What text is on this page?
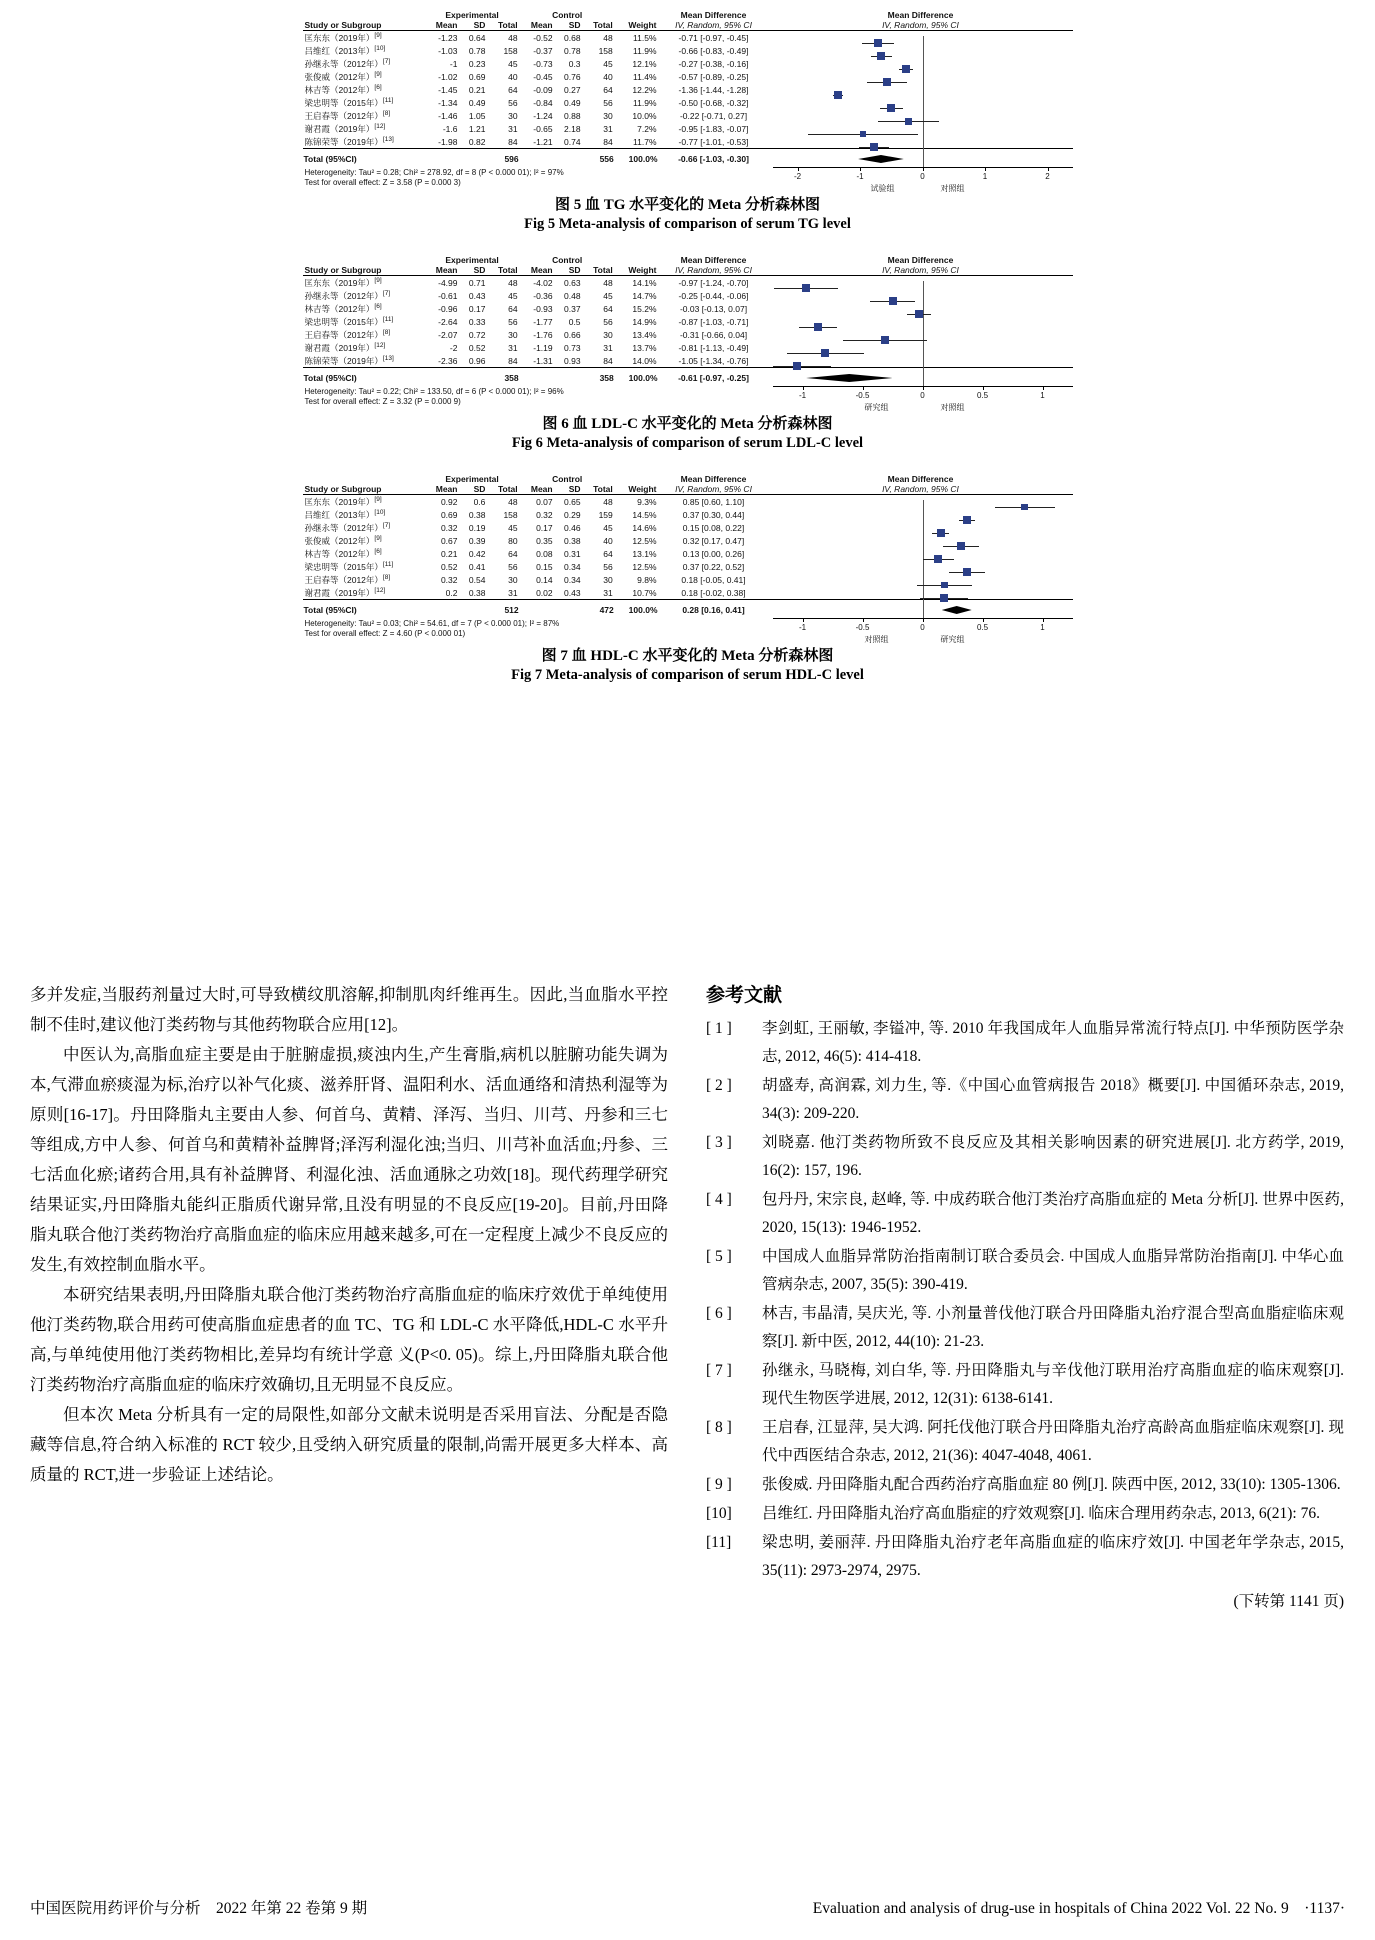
	Experimental			Control				Mean Difference	Mean Difference
Study or Subgroup	Mean	SD	Total	Mean	SD	Total	Weight	IV, Random, 95% CI	IV, Random, 95% CI
匡东东（2019年）[9]	-1.23	0.64	48	-0.52	0.68	48	11.5%	-0.71 [-0.97, -0.45]	
吕维红（2013年）[10]	-1.03	0.78	158	-0.37	0.78	158	11.9%	-0.66 [-0.83, -0.49]	
孙继永等（2012年）[7]	-1	0.23	45	-0.73	0.3	45	12.1%	-0.27 [-0.38, -0.16]	
张俊威（2012年）[9]	-1.02	0.69	40	-0.45	0.76	40	11.4%	-0.57 [-0.89, -0.25]	
林吉等（2012年）[6]	-1.45	0.21	64	-0.09	0.27	64	12.2%	-1.36 [-1.44, -1.28]	
梁忠明等（2015年）[11]	-1.34	0.49	56	-0.84	0.49	56	11.9%	-0.50 [-0.68, -0.32]	
王启春等（2012年）[8]	-1.46	1.05	30	-1.24	0.88	30	10.0%	-0.22 [-0.71, 0.27]	
谢君霞（2019年）[12]	-1.6	1.21	31	-0.65	2.18	31	7.2%	-0.95 [-1.83, -0.07]	
陈锦荣等（2019年）[13]	-1.98	0.82	84	-1.21	0.74	84	11.7%	-0.77 [-1.01, -0.53]	
Total (95%CI)			596			556	100.0%	-0.66 [-1.03, -0.30]	
Heterogeneity: Tau² = 0.28; Chi² = 278.92, df = 8 (P < 0.000 01); I² = 97%									
Test for overall effect: Z = 3.58 (P = 0.000 3)									
-2	-1	0	1	2
对照组
试验组
图 5 血 TG 水平变化的 Meta 分析森林图
Fig 5 Meta-analysis of comparison of serum TG level
	Experimental			Control				Mean Difference	Mean Difference
Study or Subgroup	Mean	SD	Total	Mean	SD	Total	Weight	IV, Random, 95% CI	IV, Random, 95% CI
匡东东（2019年）[9]	-4.99	0.71	48	-4.02	0.63	48	14.1%	-0.97 [-1.24, -0.70]	
孙继永等（2012年）[7]	-0.61	0.43	45	-0.36	0.48	45	14.7%	-0.25 [-0.44, -0.06]	
林吉等（2012年）[6]	-0.96	0.17	64	-0.93	0.37	64	15.2%	-0.03 [-0.13, 0.07]	
梁忠明等（2015年）[11]	-2.64	0.33	56	-1.77	0.5	56	14.9%	-0.87 [-1.03, -0.71]	
王启春等（2012年）[8]	-2.07	0.72	30	-1.76	0.66	30	13.4%	-0.31 [-0.66, 0.04]	
谢君霞（2019年）[12]	-2	0.52	31	-1.19	0.73	31	13.7%	-0.81 [-1.13, -0.49]	
陈锦荣等（2019年）[13]	-2.36	0.96	84	-1.31	0.93	84	14.0%	-1.05 [-1.34, -0.76]	
Total (95%CI)			358			358	100.0%	-0.61 [-0.97, -0.25]	
Heterogeneity: Tau² = 0.22; Chi² = 133.50, df = 6 (P < 0.000 01); I² = 96%									
Test for overall effect: Z = 3.32 (P = 0.000 9)									
-1	-0.5	0	0.5	1
研究组	对照组
图 6 血 LDL-C 水平变化的 Meta 分析森林图
Fig 6 Meta-analysis of comparison of serum LDL-C level
	Experimental			Control				Mean Difference	Mean Difference
Study or Subgroup	Mean	SD	Total	Mean	SD	Total	Weight	IV, Random, 95% CI	IV, Random, 95% CI
匡东东（2019年）[9]	0.92	0.6	48	0.07	0.65	48	9.3%	0.85 [0.60, 1.10]	
吕维红（2013年）[10]	0.69	0.38	158	0.32	0.29	159	14.5%	0.37 [0.30, 0.44]	
孙继永等（2012年）[7]	0.32	0.19	45	0.17	0.46	45	14.6%	0.15 [0.08, 0.22]	
张俊威（2012年）[9]	0.67	0.39	80	0.35	0.38	40	12.5%	0.32 [0.17, 0.47]	
林吉等（2012年）[6]	0.21	0.42	64	0.08	0.31	64	13.1%	0.13 [0.00, 0.26]	
梁忠明等（2015年）[11]	0.52	0.41	56	0.15	0.34	56	12.5%	0.37 [0.22, 0.52]	
王启春等（2012年）[8]	0.32	0.54	30	0.14	0.34	30	9.8%	0.18 [-0.05, 0.41]	
谢君霞（2019年）[12]	0.2	0.38	31	0.02	0.43	31	10.7%	0.18 [-0.02, 0.38]	
Total (95%CI)			512			472	100.0%	0.28 [0.16, 0.41]	
Heterogeneity: Tau² = 0.03; Chi² = 54.61, df = 7 (P < 0.000 01); I² = 87%									
Test for overall effect: Z = 4.60 (P < 0.000 01)									
-1	-0.5	0	0.5	1
对照组	研究组
图 7 血 HDL-C 水平变化的 Meta 分析森林图
Fig 7 Meta-analysis of comparison of serum HDL-C level

多并发症,当服药剂量过大时,可导致横纹肌溶解,抑制肌肉纤维再生。因此,当血脂水平控制不佳时,建议他汀类药物与其他药物联合应用[12]。

中医认为,高脂血症主要是由于脏腑虚损,痰浊内生,产生膏脂,病机以脏腑功能失调为本,气滞血瘀痰湿为标,治疗以补气化痰、滋养肝肾、温阳利水、活血通络和清热利湿等为原则[16-17]。丹田降脂丸主要由人参、何首乌、黄精、泽泻、当归、川芎、丹参和三七等组成,方中人参、何首乌和黄精补益脾肾;泽泻利湿化浊;当归、川芎补血活血;丹参、三七活血化瘀;诸药合用,具有补益脾肾、利湿化浊、活血通脉之功效[18]。现代药理学研究结果证实,丹田降脂丸能纠正脂质代谢异常,且没有明显的不良反应[19-20]。目前,丹田降脂丸联合他汀类药物治疗高脂血症的临床应用越来越多,可在一定程度上减少不良反应的发生,有效控制血脂水平。

本研究结果表明,丹田降脂丸联合他汀类药物治疗高脂血症的临床疗效优于单纯使用他汀类药物,联合用药可使高脂血症患者的血 TC、TG 和 LDL-C 水平降低,HDL-C 水平升高,与单纯使用他汀类药物相比,差异均有统计学意 义(P<0. 05)。综上,丹田降脂丸联合他汀类药物治疗高脂血症的临床疗效确切,且无明显不良反应。

但本次 Meta 分析具有一定的局限性,如部分文献未说明是否采用盲法、分配是否隐藏等信息,符合纳入标准的 RCT 较少,且受纳入研究质量的限制,尚需开展更多大样本、高质量的 RCT,进一步验证上述结论。

参考文献
[ 1 ]	李剑虹, 王丽敏, 李镒冲, 等. 2010 年我国成年人血脂异常流行特点[J]. 中华预防医学杂志, 2012, 46(5): 414-418.
[ 2 ]	胡盛寿, 高润霖, 刘力生, 等.《中国心血管病报告 2018》概要[J]. 中国循环杂志, 2019, 34(3): 209-220.
[ 3 ]	刘晓嘉. 他汀类药物所致不良反应及其相关影响因素的研究进展[J]. 北方药学, 2019, 16(2): 157, 196.
[ 4 ]	包丹丹, 宋宗良, 赵峰, 等. 中成药联合他汀类治疗高脂血症的 Meta 分析[J]. 世界中医药, 2020, 15(13): 1946-1952.
[ 5 ]	中国成人血脂异常防治指南制订联合委员会. 中国成人血脂异常防治指南[J]. 中华心血管病杂志, 2007, 35(5): 390-419.
[ 6 ]	林吉, 韦晶清, 吴庆光, 等. 小剂量普伐他汀联合丹田降脂丸治疗混合型高血脂症临床观察[J]. 新中医, 2012, 44(10): 21-23.
[ 7 ]	孙继永, 马晓梅, 刘白华, 等. 丹田降脂丸与辛伐他汀联用治疗高脂血症的临床观察[J]. 现代生物医学进展, 2012, 12(31): 6138-6141.
[ 8 ]	王启春, 江显萍, 吴大鸿. 阿托伐他汀联合丹田降脂丸治疗高龄高血脂症临床观察[J]. 现代中西医结合杂志, 2012, 21(36): 4047-4048, 4061.
[ 9 ]	张俊威. 丹田降脂丸配合西药治疗高脂血症 80 例[J]. 陕西中医, 2012, 33(10): 1305-1306.
[10]	吕维红. 丹田降脂丸治疗高血脂症的疗效观察[J]. 临床合理用药杂志, 2013, 6(21): 76.
[11]	梁忠明, 姜丽萍. 丹田降脂丸治疗老年高脂血症的临床疗效[J]. 中国老年学杂志, 2015, 35(11): 2973-2974, 2975.
(下转第 1141 页)
中国医院用药评价与分析　2022 年第 22 卷第 9 期	Evaluation and analysis of drug-use in hospitals of China 2022 Vol. 22 No. 9　·1137·
